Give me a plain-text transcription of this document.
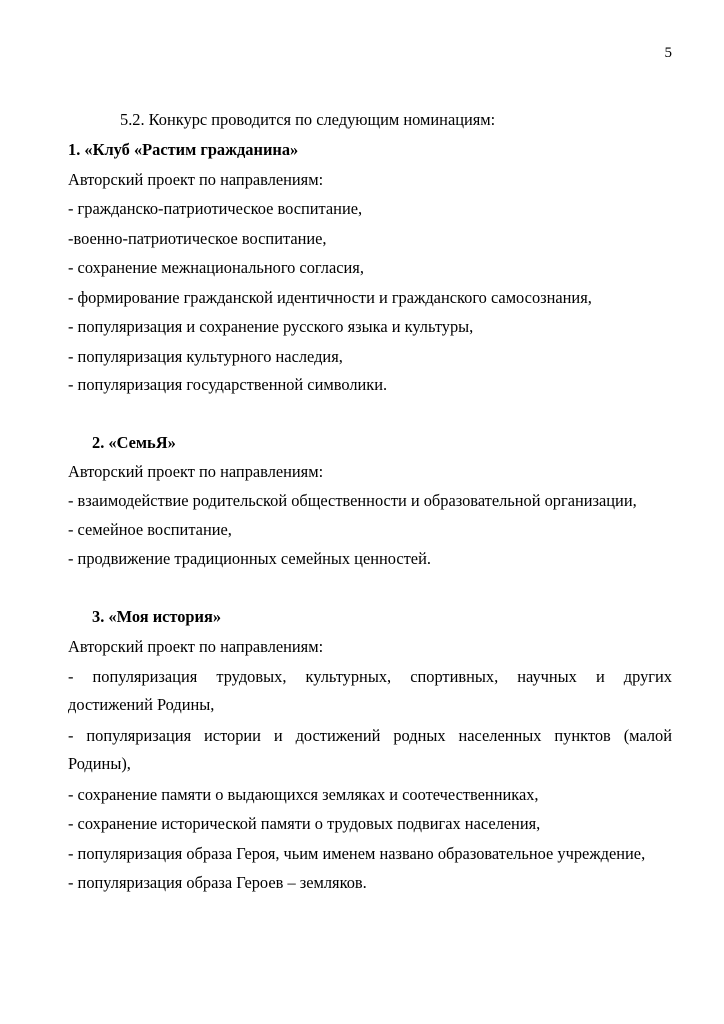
5
5.2. Конкурс проводится по следующим номинациям:
1. «Клуб «Растим гражданина»
Авторский проект по направлениям:
- гражданско-патриотическое воспитание,
-военно-патриотическое воспитание,
- сохранение межнационального согласия,
- формирование гражданской идентичности и гражданского самосознания,
- популяризация и сохранение русского языка и культуры,
- популяризация культурного наследия,
- популяризация государственной символики.
2. «СемьЯ»
Авторский проект по направлениям:
- взаимодействие родительской общественности и образовательной организации,
- семейное воспитание,
- продвижение традиционных семейных ценностей.
3. «Моя история»
Авторский проект по направлениям:
- популяризация трудовых, культурных, спортивных, научных и других
достижений Родины,
- популяризация истории и достижений родных населенных пунктов (малой
Родины),
- сохранение памяти о выдающихся земляках и соотечественниках,
- сохранение исторической памяти о трудовых подвигах населения,
- популяризация образа Героя, чьим именем названо образовательное учреждение,
- популяризация образа Героев – земляков.
